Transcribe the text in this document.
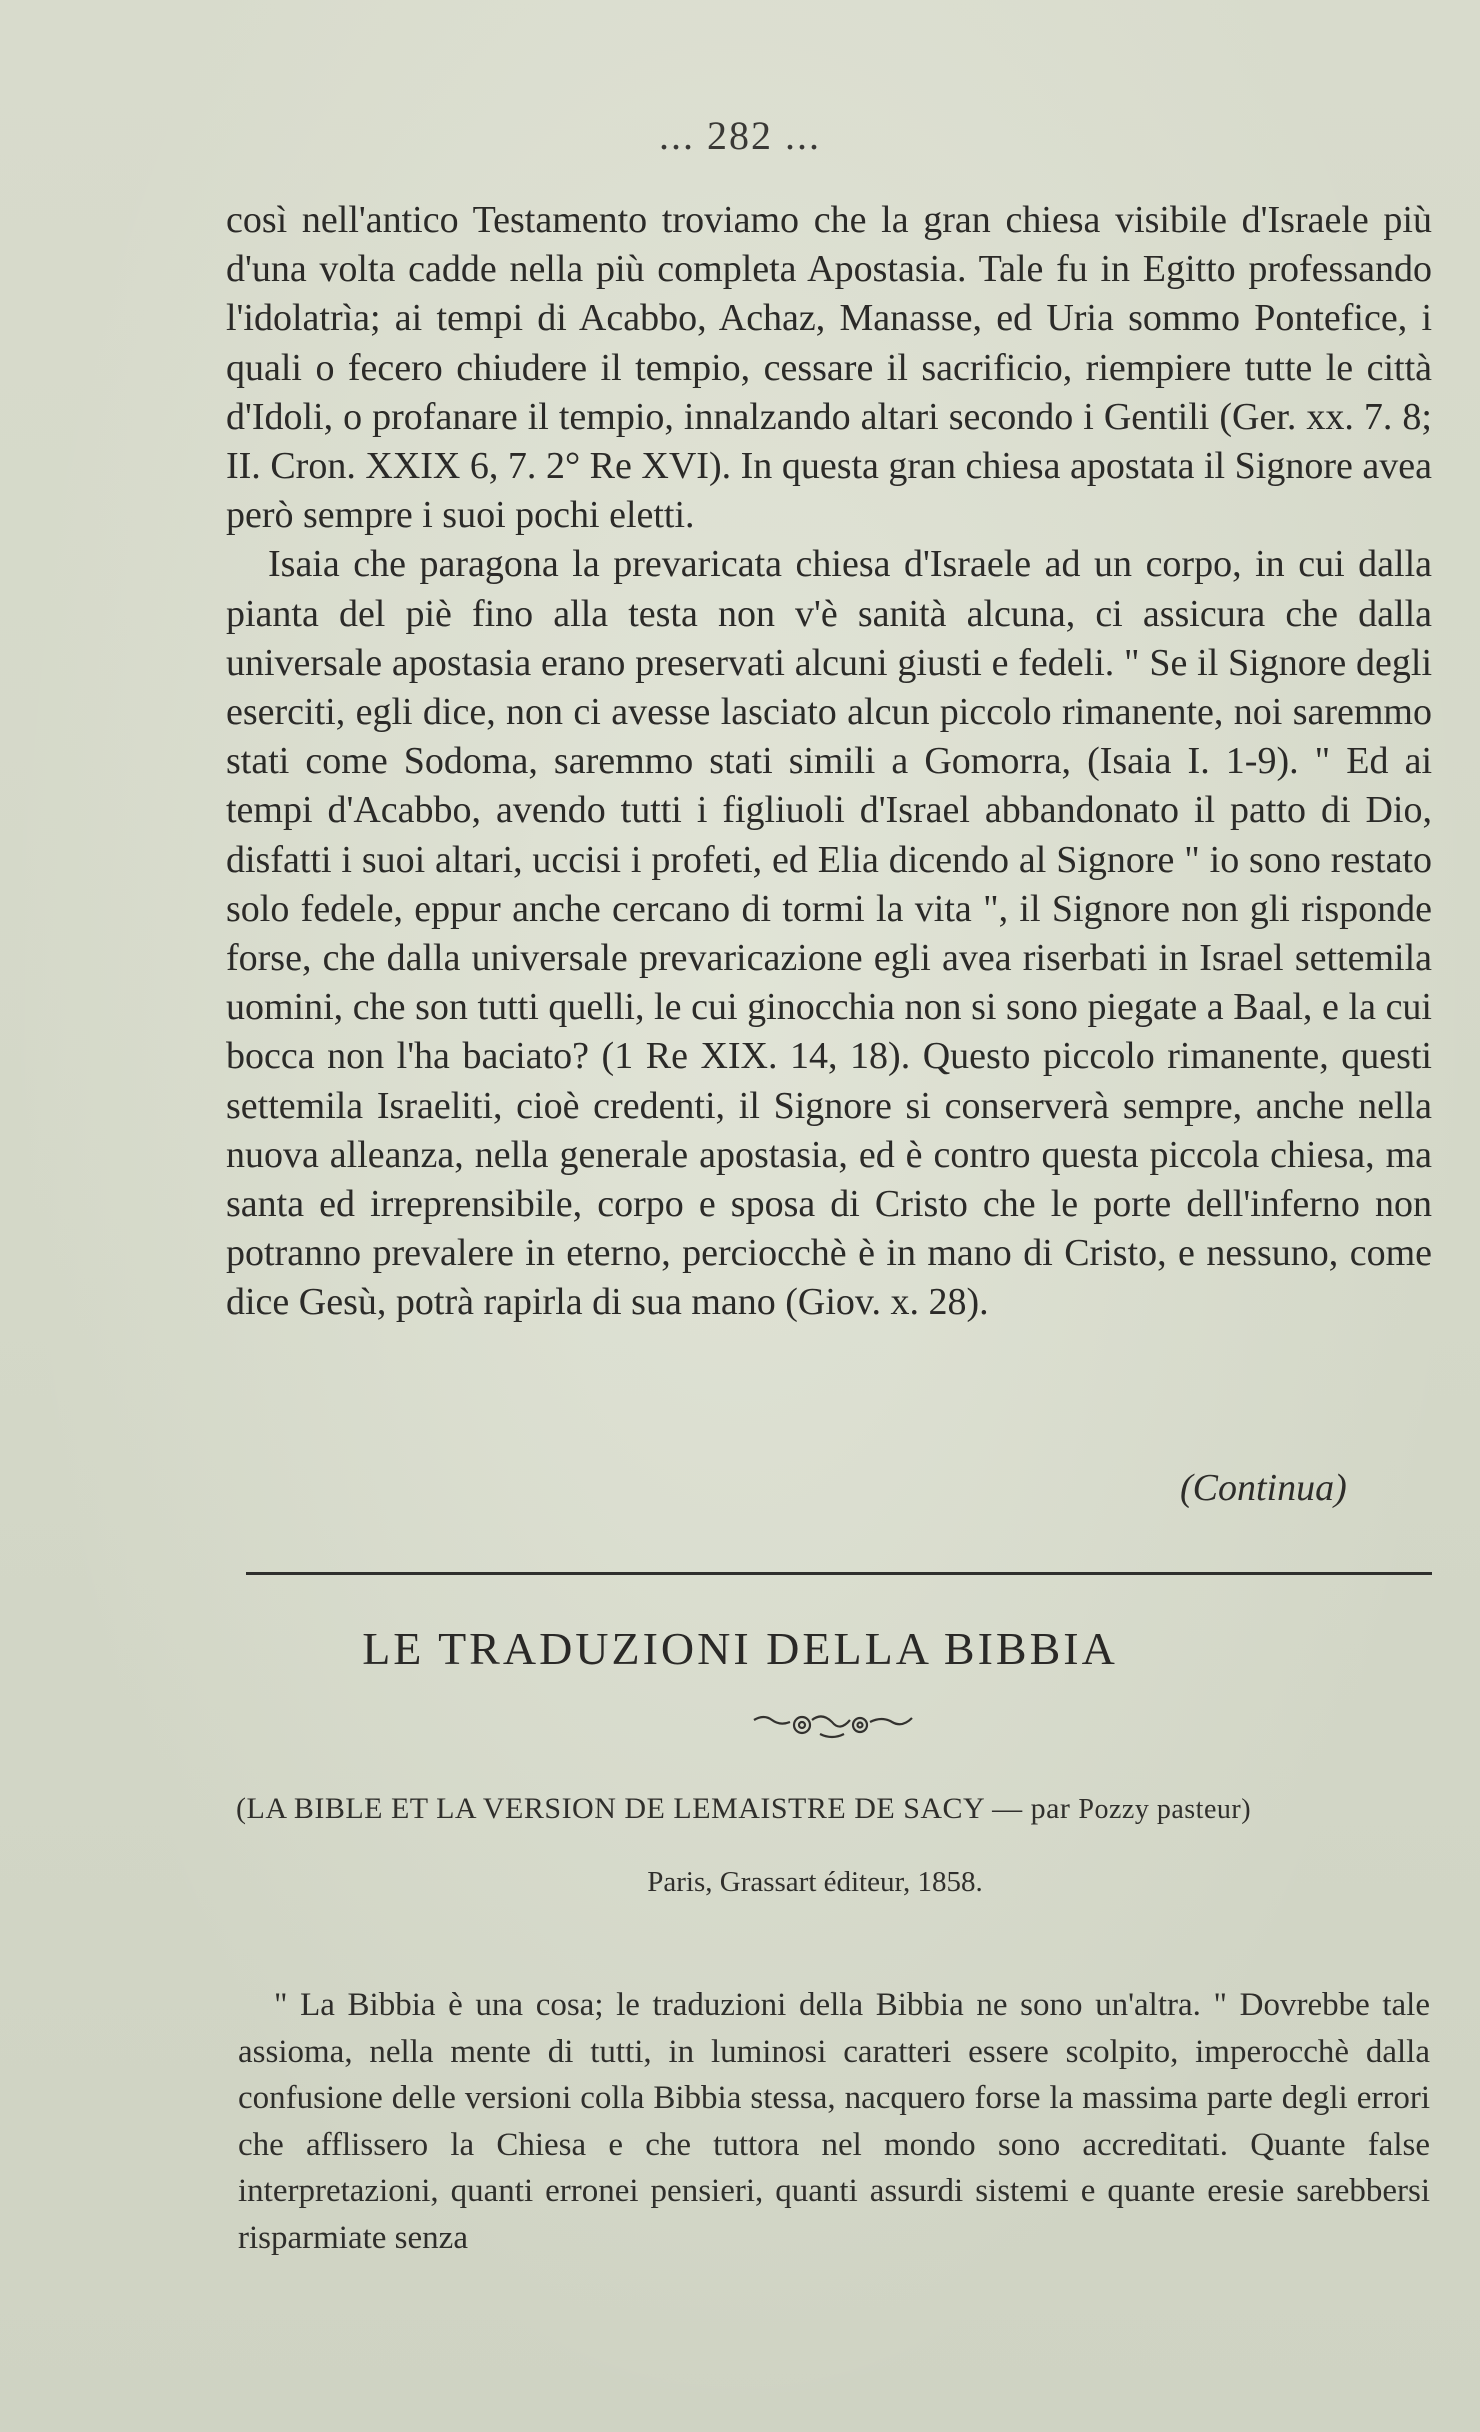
... 282 ...

così nell'antico Testamento troviamo che la gran chiesa visibile d'Israele più d'una volta cadde nella più completa Apostasia. Tale fu in Egitto professando l'idolatrìa; ai tempi di Acabbo, Achaz, Manasse, ed Uria sommo Pontefice, i quali o fecero chiudere il tempio, cessare il sacrificio, riempiere tutte le città d'Idoli, o profanare il tempio, innalzando altari secondo i Gentili (Ger. xx. 7. 8; II. Cron. XXIX 6, 7. 2° Re XVI). In questa gran chiesa apostata il Signore avea però sempre i suoi pochi eletti.

Isaia che paragona la prevaricata chiesa d'Israele ad un corpo, in cui dalla pianta del piè fino alla testa non v'è sanità alcuna, ci assicura che dalla universale apostasia erano preservati alcuni giusti e fedeli. " Se il Signore degli eserciti, egli dice, non ci avesse lasciato alcun piccolo rimanente, noi saremmo stati come Sodoma, saremmo stati simili a Gomorra, (Isaia I. 1-9). " Ed ai tempi d'Acabbo, avendo tutti i figliuoli d'Israel abbandonato il patto di Dio, disfatti i suoi altari, uccisi i profeti, ed Elia dicendo al Signore " io sono restato solo fedele, eppur anche cercano di tormi la vita ", il Signore non gli risponde forse, che dalla universale prevaricazione egli avea riserbati in Israel settemila uomini, che son tutti quelli, le cui ginocchia non si sono piegate a Baal, e la cui bocca non l'ha baciato? (1 Re XIX. 14, 18). Questo piccolo rimanente, questi settemila Israeliti, cioè credenti, il Signore si conserverà sempre, anche nella nuova alleanza, nella generale apostasia, ed è contro questa piccola chiesa, ma santa ed irreprensibile, corpo e sposa di Cristo che le porte dell'inferno non potranno prevalere in eterno, perciocchè è in mano di Cristo, e nessuno, come dice Gesù, potrà rapirla di sua mano (Giov. x. 28).

(Continua)
LE TRADUZIONI DELLA BIBBIA
(LA BIBLE ET LA VERSION DE LEMAISTRE DE SACY — par Pozzy pasteur)
Paris, Grassart éditeur, 1858.

" La Bibbia è una cosa; le traduzioni della Bibbia ne sono un'altra. " Dovrebbe tale assioma, nella mente di tutti, in luminosi caratteri essere scolpito, imperocchè dalla confusione delle versioni colla Bibbia stessa, nacquero forse la massima parte degli errori che afflissero la Chiesa e che tuttora nel mondo sono accreditati. Quante false interpretazioni, quanti erronei pensieri, quanti assurdi sistemi e quante eresie sarebbersi risparmiate senza
